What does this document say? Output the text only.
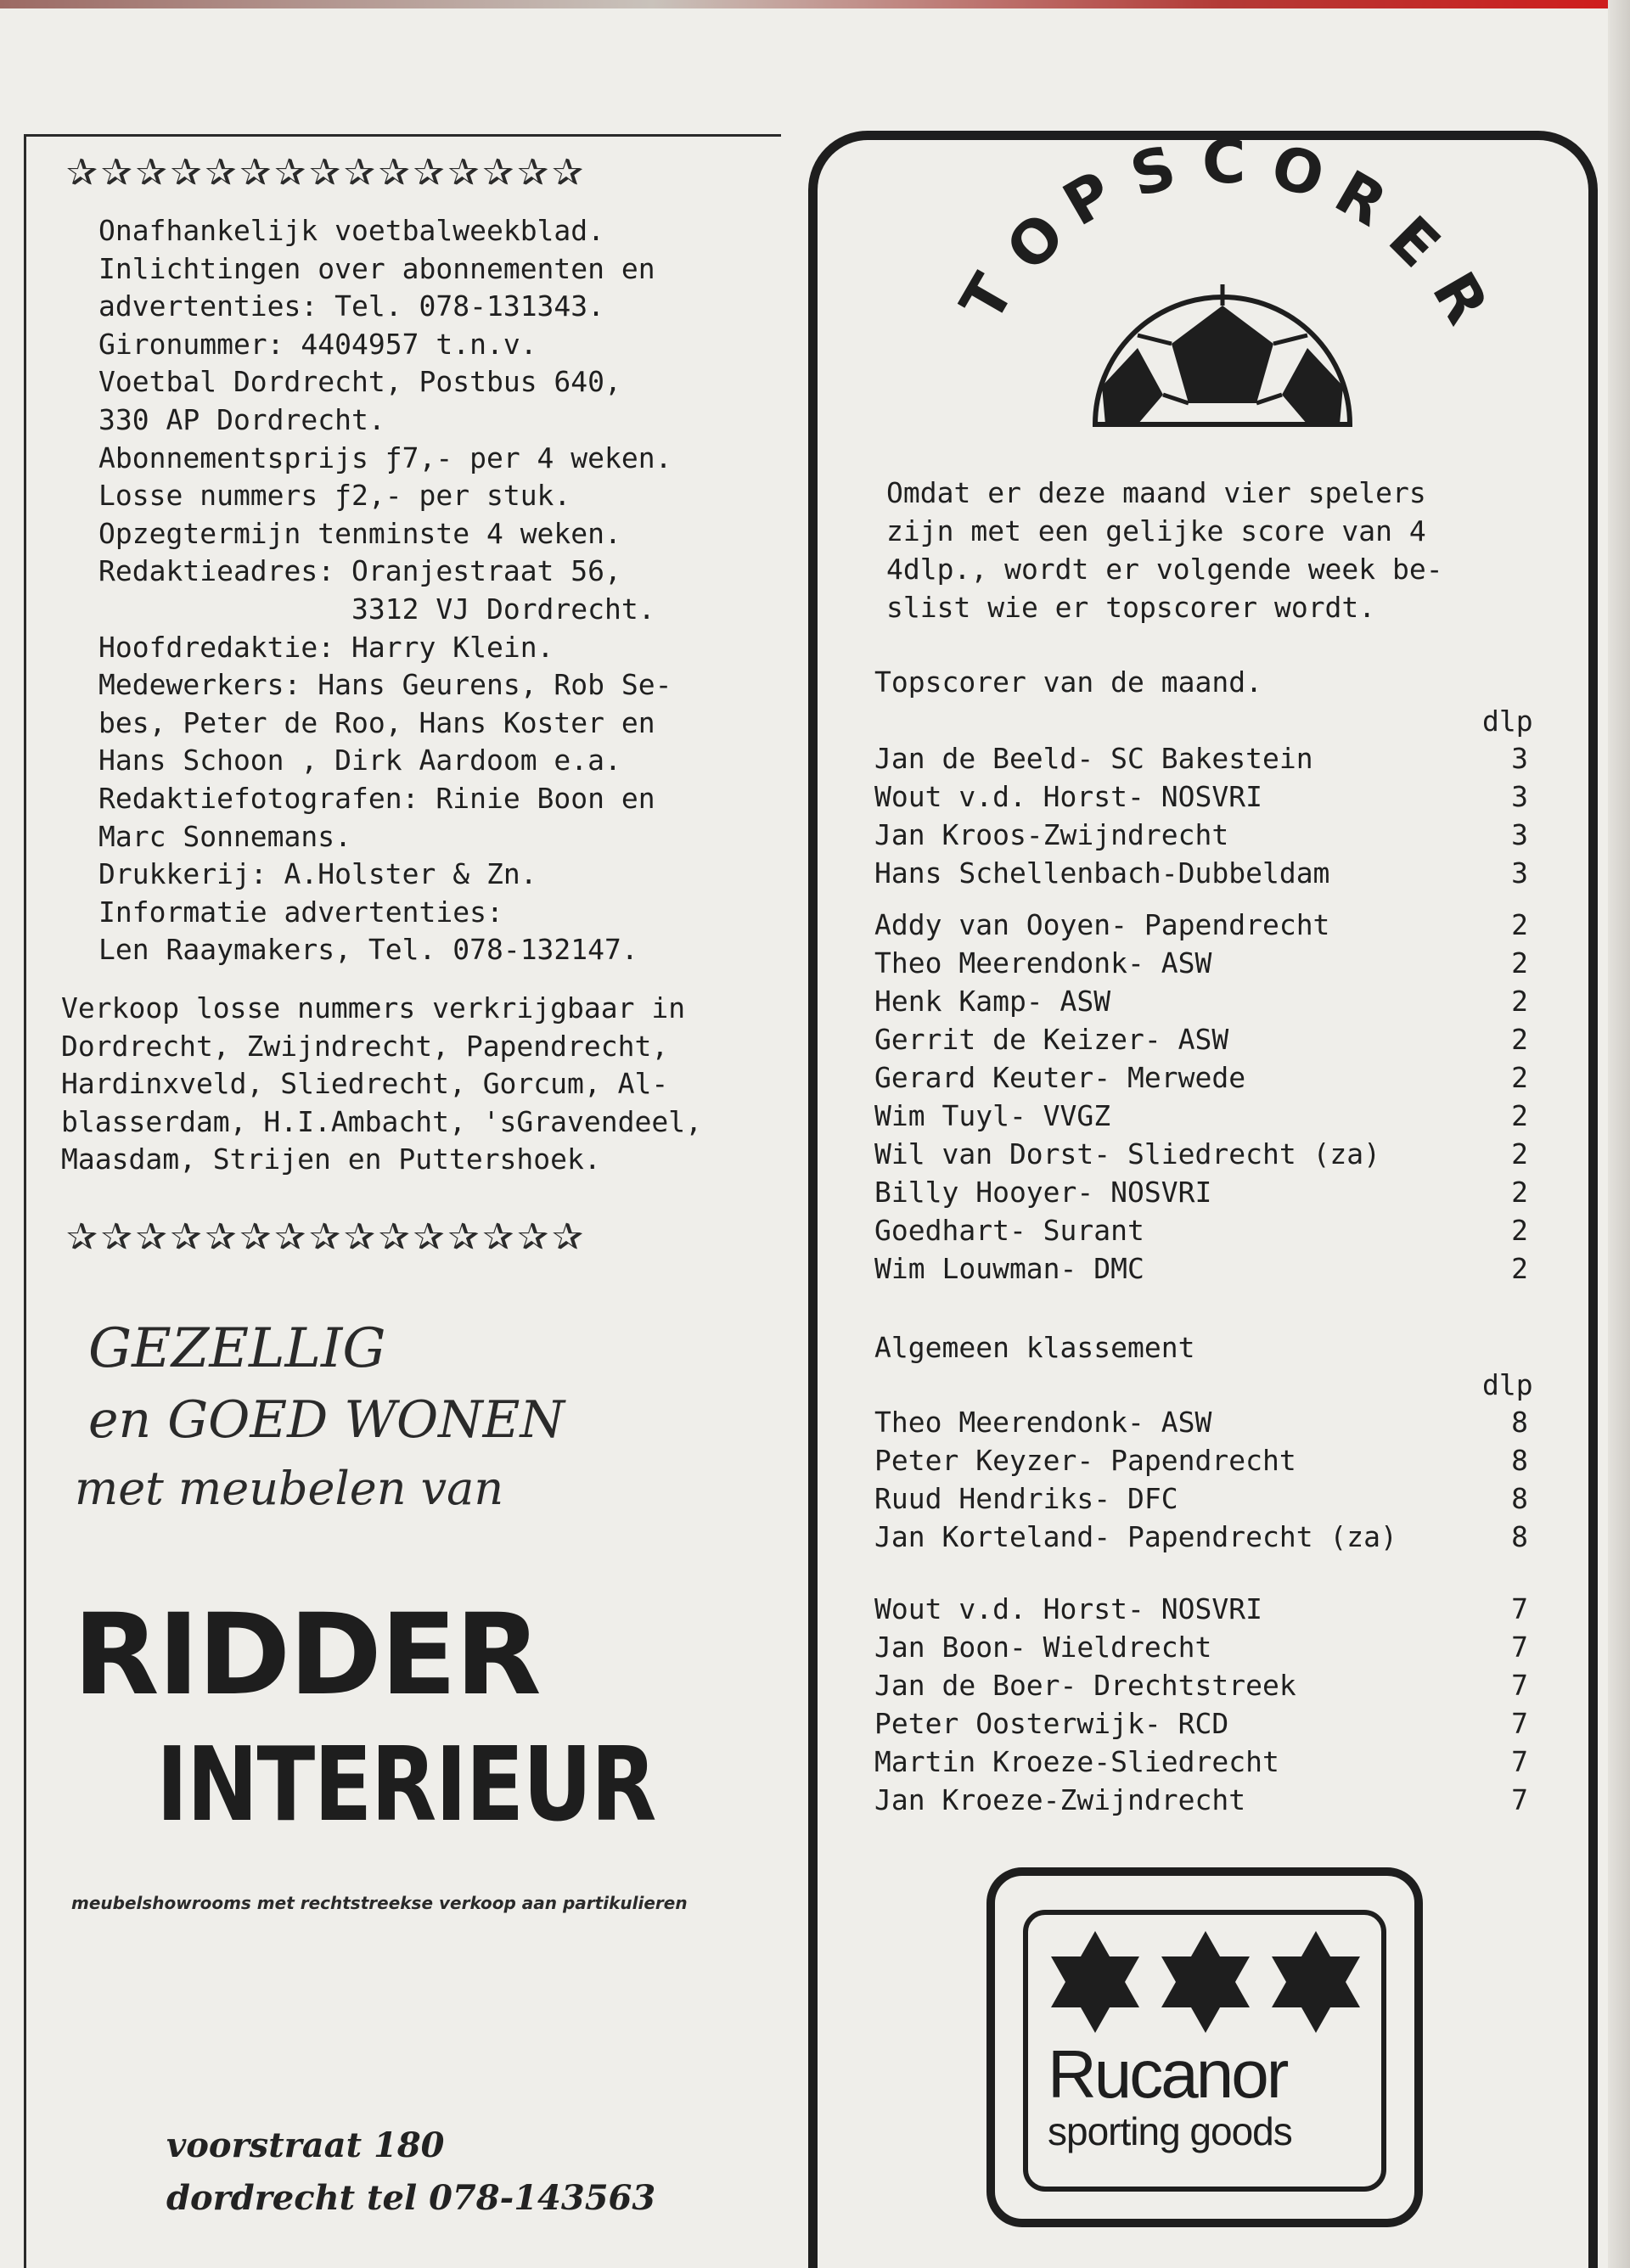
✰✰✰✰✰✰✰✰✰✰✰✰✰✰✰
Onafhankelijk voetbalweekblad.
Inlichtingen over abonnementen en
advertenties: Tel. 078-131343.
Gironummer: 4404957 t.n.v.
Voetbal Dordrecht, Postbus 640,
330 AP Dordrecht.
Abonnementsprijs ƒ7,- per 4 weken.
Losse nummers ƒ2,- per stuk.
Opzegtermijn tenminste 4 weken.
Redaktieadres: Oranjestraat 56,
3312 VJ Dordrecht.
Hoofdredaktie: Harry Klein.
Medewerkers: Hans Geurens, Rob Se-
bes, Peter de Roo, Hans Koster en
Hans Schoon , Dirk Aardoom e.a.
Redaktiefotografen: Rinie Boon en
Marc Sonnemans.
Drukkerij: A.Holster & Zn.
Informatie advertenties:
Len Raaymakers, Tel. 078-132147.
Verkoop losse nummers verkrijgbaar in
Dordrecht, Zwijndrecht, Papendrecht,
Hardinxveld, Sliedrecht, Gorcum, Al-
blasserdam, H.I.Ambacht, 'sGravendeel,
Maasdam, Strijen en Puttershoek.
✰✰✰✰✰✰✰✰✰✰✰✰✰✰✰
GEZELLIG
en GOED WONEN
met meubelen van
RIDDER
INTERIEUR
meubelshowrooms met rechtstreekse verkoop aan partikulieren
voorstraat 180
dordrecht tel 078-143563

T
O
P S C O
R
E
R
Omdat er deze maand vier spelers
zijn met een gelijke score van 4
4dlp., wordt er volgende week be-
slist wie er topscorer wordt.
Topscorer van de maand.
dlp
Jan de Beeld- SC Bakestein	3
Wout v.d. Horst- NOSVRI	3
Jan Kroos-Zwijndrecht	3
Hans Schellenbach-Dubbeldam	3
Addy van Ooyen- Papendrecht	2
Theo Meerendonk- ASW	2
Henk Kamp- ASW	2
Gerrit de Keizer- ASW	2
Gerard Keuter- Merwede	2
Wim Tuyl- VVGZ	2
Wil van Dorst- Sliedrecht (za)	2
Billy Hooyer- NOSVRI	2
Goedhart- Surant	2
Wim Louwman- DMC	2
Algemeen klassement
dlp
Theo Meerendonk- ASW	8
Peter Keyzer- Papendrecht	8
Ruud Hendriks- DFC	8
Jan Korteland- Papendrecht (za)	8
Wout v.d. Horst- NOSVRI	7
Jan Boon- Wieldrecht	7
Jan de Boer- Drechtstreek	7
Peter Oosterwijk- RCD	7
Martin Kroeze-Sliedrecht	7
Jan Kroeze-Zwijndrecht	7
Rucanor
sporting goods
